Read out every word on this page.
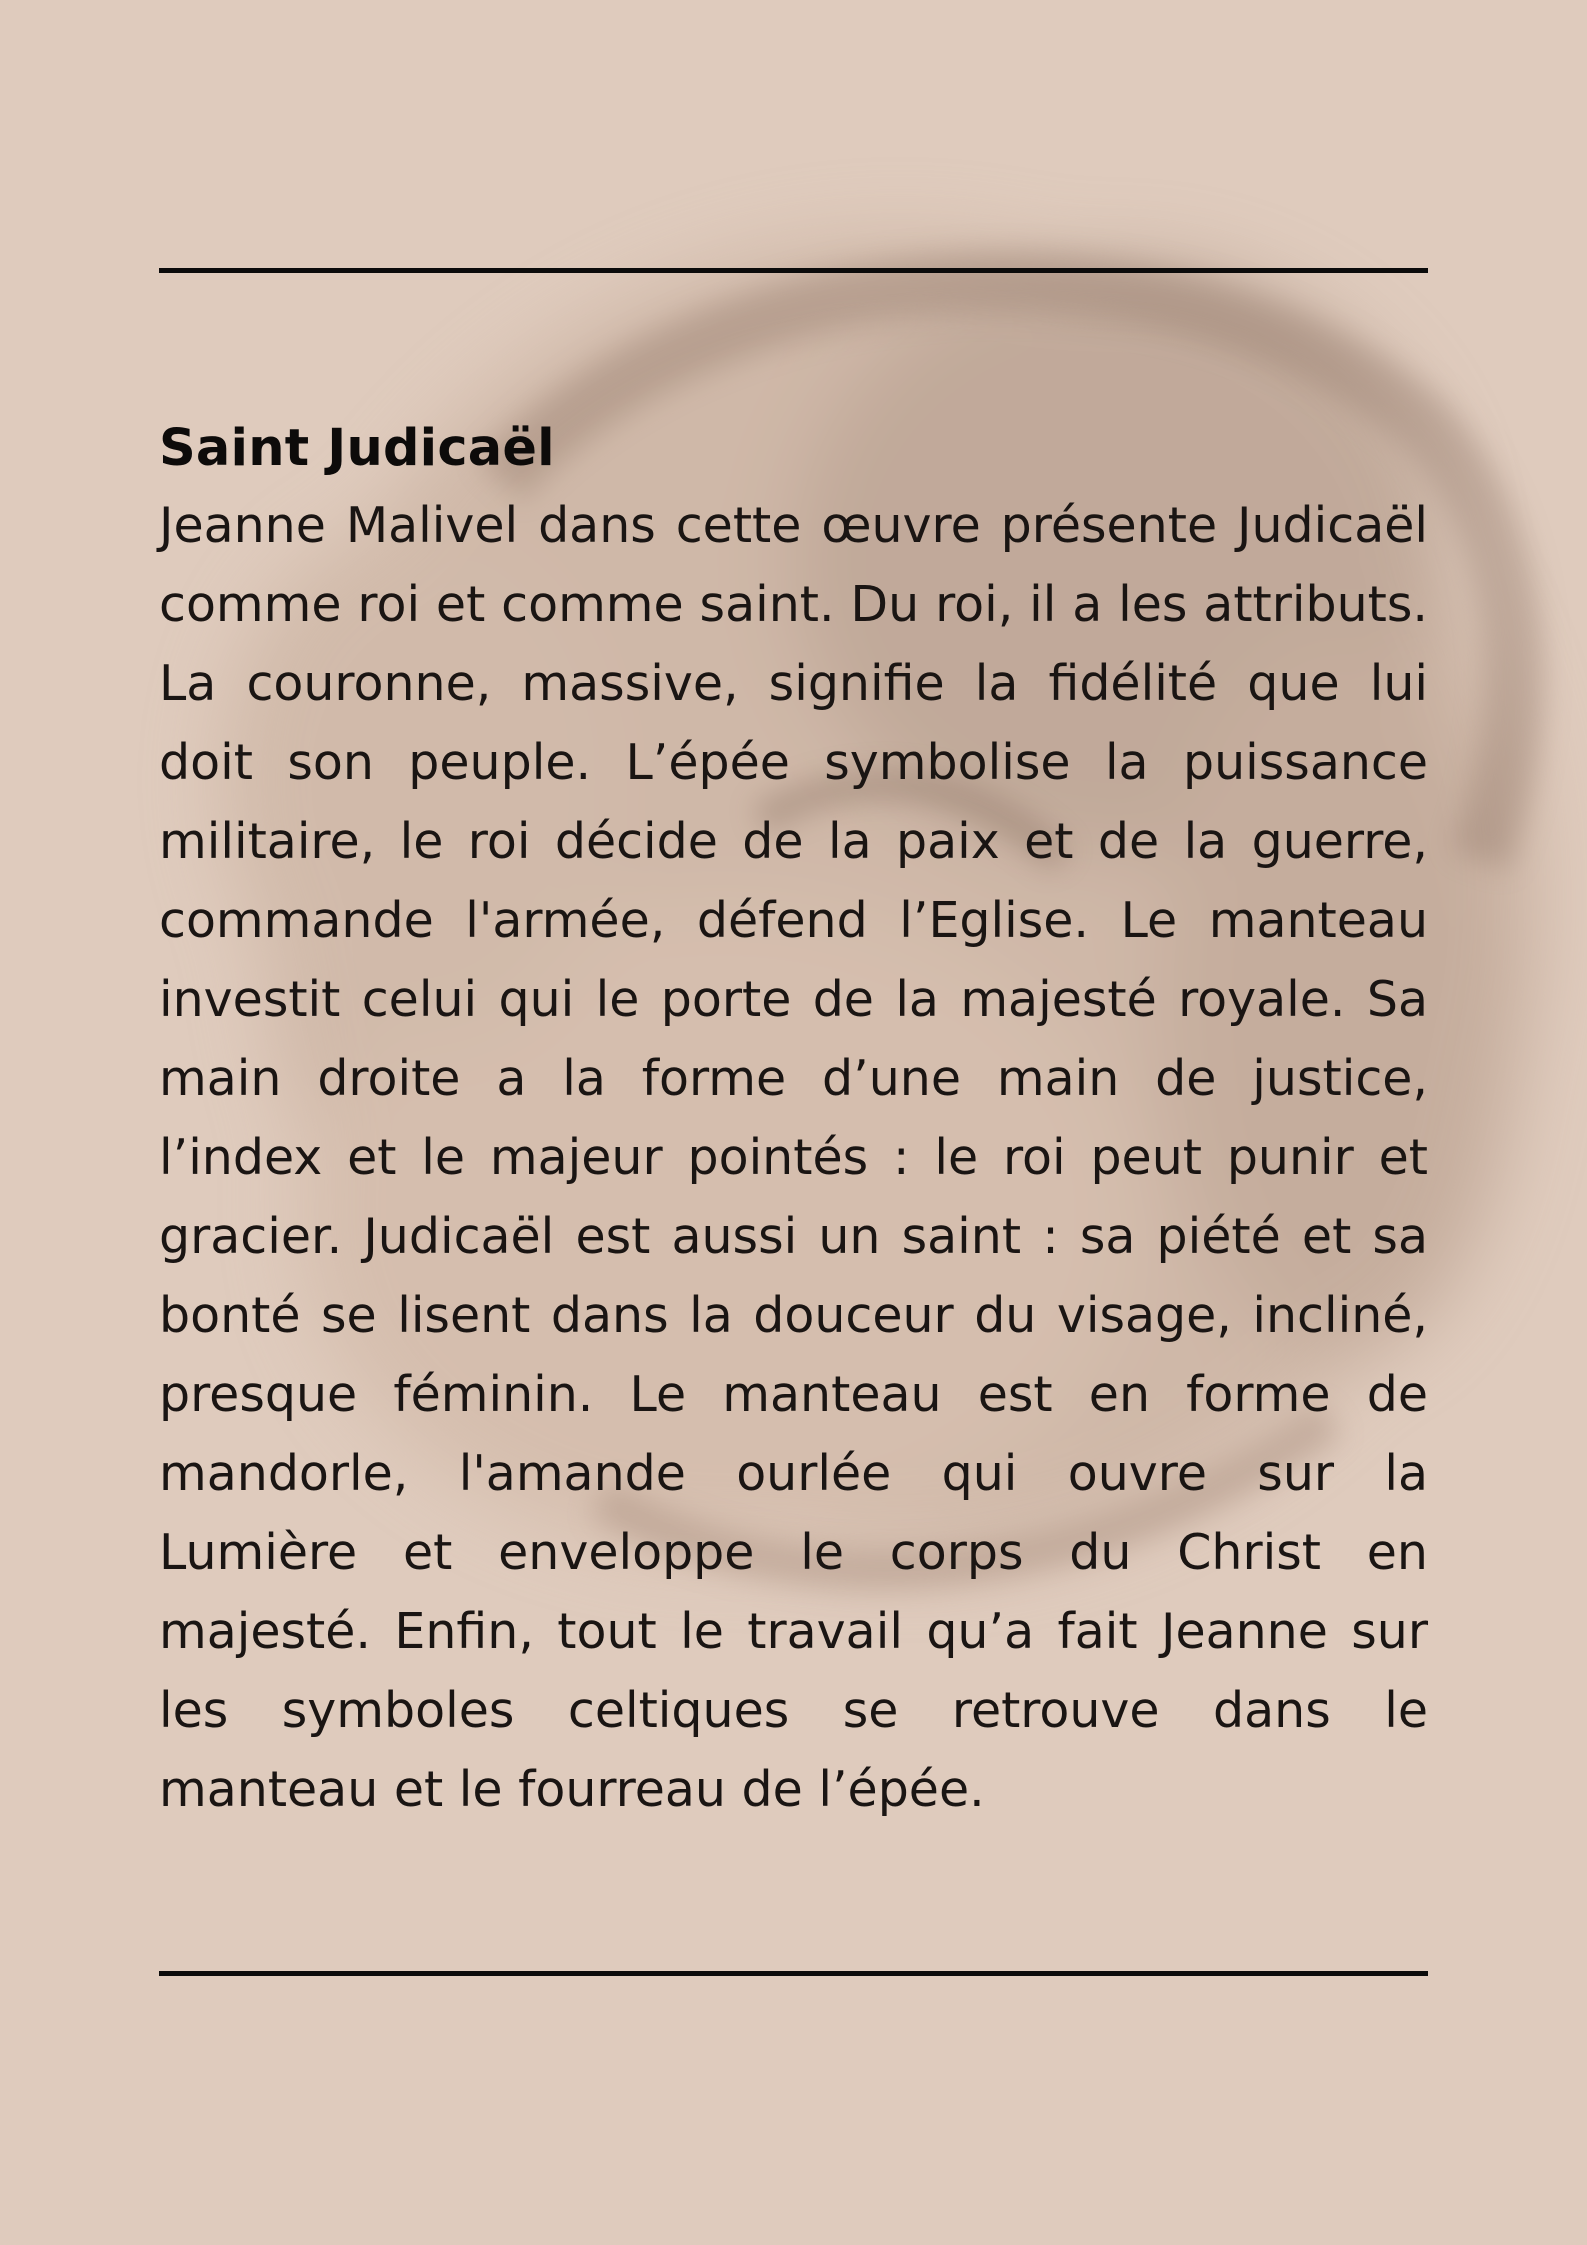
Saint Judicaël

Jeanne Malivel dans cette œuvre présente Judicaël comme roi et comme saint. Du roi, il a les attributs. La couronne, massive, signifie la fidélité que lui doit son peuple. L’épée symbolise la puissance militaire, le roi décide de la paix et de la guerre, commande l'armée, défend l’Eglise. Le manteau investit celui qui le porte de la majesté royale. Sa main droite a la forme d’une main de justice, l’index et le majeur pointés : le roi peut punir et gracier. Judicaël est aussi un saint : sa piété et sa bonté se lisent dans la douceur du visage, incliné, presque féminin. Le manteau est en forme de mandorle, l'amande ourlée qui ouvre sur la Lumière et enveloppe le corps du Christ en majesté. Enfin, tout le travail qu’a fait Jeanne sur les symboles celtiques se retrouve dans le manteau et le fourreau de l’épée.
